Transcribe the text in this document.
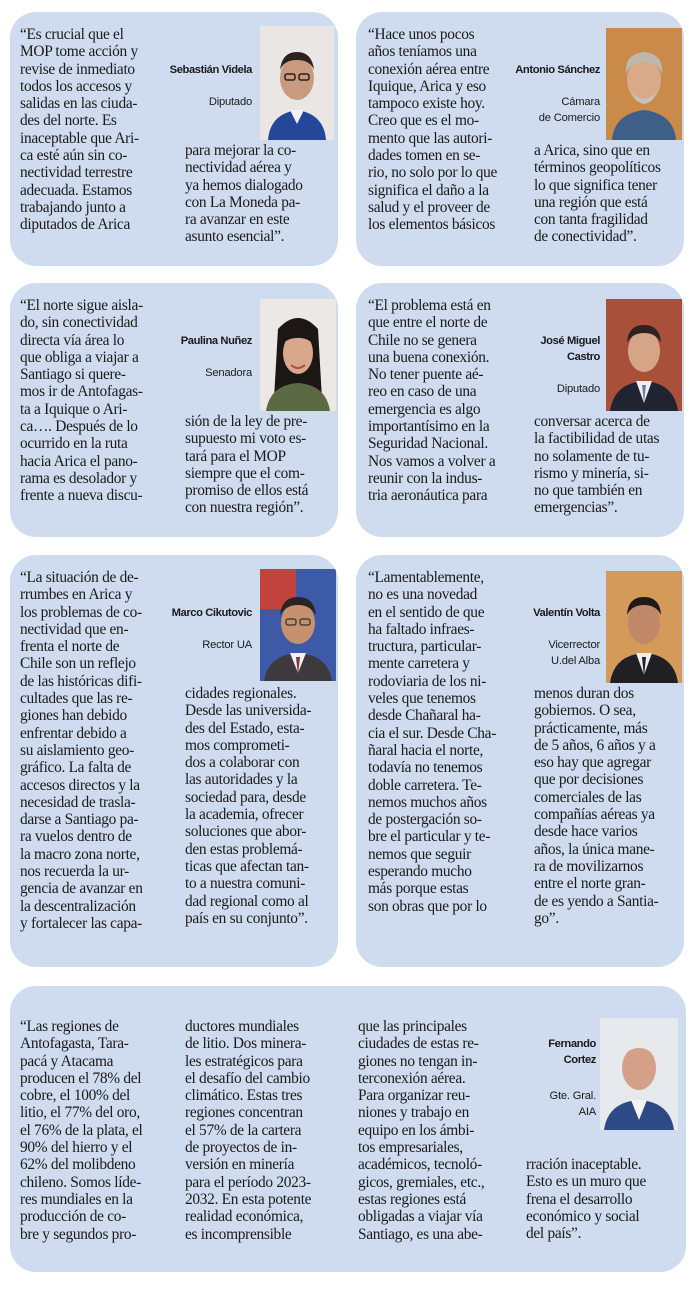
“Es crucial que el
MOP tome acción y
revise de inmediato
todos los accesos y
salidas en las ciuda-
des del norte. Es
inaceptable que Ari-
ca esté aún sin co-
nectividad terrestre
adecuada. Estamos
trabajando junto a
diputados de Arica

Sebastián Videla

Diputado

para mejorar la co-
nectividad aérea y
ya hemos dialogado
con La Moneda pa-
ra avanzar en este
asunto esencial”.

“Hace unos pocos
años teníamos una
conexión aérea entre
Iquique, Arica y eso
tampoco existe hoy.
Creo que es el mo-
mento que las autori-
dades tomen en se-
rio, no solo por lo que
significa el daño a la
salud y el proveer de
los elementos básicos

Antonio Sánchez

Cámara
de Comercio

a Arica, sino que en
términos geopolíticos
lo que significa tener
una región que está
con tanta fragilidad
de conectividad”.

“El norte sigue aisla-
do, sin conectividad
directa vía área lo
que obliga a viajar a
Santiago si quere-
mos ir de Antofagas-
ta a Iquique o Ari-
ca…. Después de lo
ocurrido en la ruta
hacia Arica el pano-
rama es desolador y
frente a nueva discu-

Paulina Nuñez

Senadora

sión de la ley de pre-
supuesto mi voto es-
tará para el MOP
siempre que el com-
promiso de ellos está
con nuestra región”.

“El problema está en
que entre el norte de
Chile no se genera
una buena conexión.
No tener puente aé-
reo en caso de una
emergencia es algo
importantísimo en la
Seguridad Nacional.
Nos vamos a volver a
reunir con la indus-
tria aeronáutica para

José Miguel
Castro

Diputado

conversar acerca de
la factibilidad de utas
no solamente de tu-
rismo y minería, si-
no que también en
emergencias”.

“La situación de de-
rrumbes en Arica y
los problemas de co-
nectividad que en-
frenta el norte de
Chile son un reflejo
de las históricas difi-
cultades que las re-
giones han debido
enfrentar debido a
su aislamiento geo-
gráfico. La falta de
accesos directos y la
necesidad de trasla-
darse a Santiago pa-
ra vuelos dentro de
la macro zona norte,
nos recuerda la ur-
gencia de avanzar en
la descentralización
y fortalecer las capa-

Marco Cikutovic

Rector UA

cidades regionales.
Desde las universida-
des del Estado, esta-
mos comprometi-
dos a colaborar con
las autoridades y la
sociedad para, desde
la academia, ofrecer
soluciones que abor-
den estas problemá-
ticas que afectan tan-
to a nuestra comuni-
dad regional como al
país en su conjunto”.

“Lamentablemente,
no es una novedad
en el sentido de que
ha faltado infraes-
tructura, particular-
mente carretera y
rodoviaria de los ni-
veles que tenemos
desde Chañaral ha-
cia el sur. Desde Cha-
ñaral hacia el norte,
todavía no tenemos
doble carretera. Te-
nemos muchos años
de postergación so-
bre el particular y te-
nemos que seguir
esperando mucho
más porque estas
son obras que por lo

Valentín Volta

Vicerrector
U.del Alba

menos duran dos
gobiernos. O sea,
prácticamente, más
de 5 años, 6 años y a
eso hay que agregar
que por decisiones
comerciales de las
compañías aéreas ya
desde hace varios
años, la única mane-
ra de movilizarnos
entre el norte gran-
de es yendo a Santia-
go”.

“Las regiones de
Antofagasta, Tara-
pacá y Atacama
producen el 78% del
cobre, el 100% del
litio, el 77% del oro,
el 76% de la plata, el
90% del hierro y el
62% del molibdeno
chileno. Somos líde-
res mundiales en la
producción de co-
bre y segundos pro-

ductores mundiales
de litio. Dos minera-
les estratégicos para
el desafío del cambio
climático. Estas tres
regiones concentran
el 57% de la cartera
de proyectos de in-
versión en minería
para el período 2023-
2032. En esta potente
realidad económica,
es incomprensible

que las principales
ciudades de estas re-
giones no tengan in-
terconexión aérea.
Para organizar reu-
niones y trabajo en
equipo en los ámbi-
tos empresariales,
académicos, tecnoló-
gicos, gremiales, etc.,
estas regiones está
obligadas a viajar vía
Santiago, es una abe-

Fernando
Cortez

Gte. Gral. AIA

rración inaceptable.
Esto es un muro que
frena el desarrollo
económico y social
del país”.
